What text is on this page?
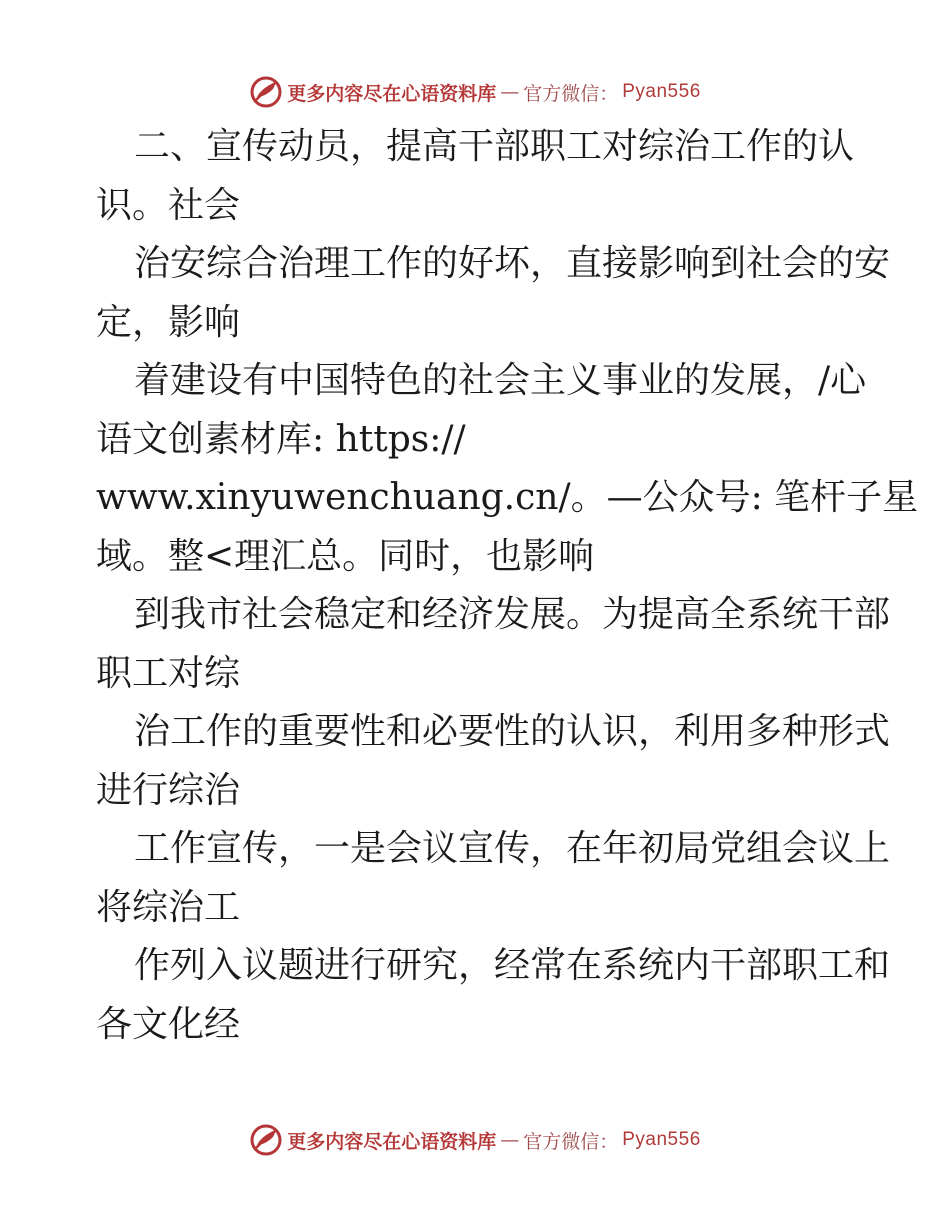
更多内容尽在心语资料库 — 官方微信： Pyan556
二、宣传动员，提高干部职工对综治工作的认
识。社会
治安综合治理工作的好坏，直接影响到社会的安
定，影响
着建设有中国特色的社会主义事业的发展，/心
语文创素材库: https://
www.xinyuwenchuang.cn/。—公众号: 笔杆子星
域。整<理汇总。同时，也影响
到我市社会稳定和经济发展。为提高全系统干部
职工对综
治工作的重要性和必要性的认识，利用多种形式
进行综治
工作宣传，一是会议宣传，在年初局党组会议上
将综治工
作列入议题进行研究，经常在系统内干部职工和
各文化经
更多内容尽在心语资料库 — 官方微信： Pyan556
